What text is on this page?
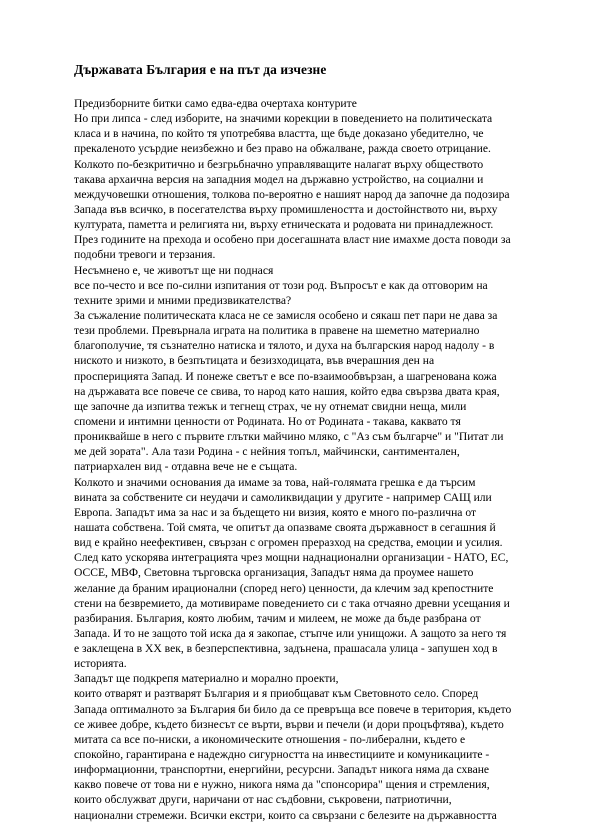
Държавата България е на път да изчезне
Предизборните битки само едва-едва очертаха контурите
Но при липса - след изборите, на значими корекции в поведението на политическата
класа и в начина, по който тя употребява властта, ще бъде доказано убедително, че
прекаленото усърдие неизбежно и без право на обжалване, ражда своето отрицание.
Колкото по-безкритично и безгрьбначно управляващите налагат върху обществото
такава архаична версия на западния модел на държавно устройство, на социални и
междучовешки отношения, толкова по-вероятно е нашият народ да започне да подозира
Запада във всичко, в посегателства върху промишлеността и достойнството ни, върху
културата, паметта и религията ни, върху етническата и родовата ни принадлежност.
През годините на прехода и особено при досегашната власт ние имахме доста поводи за
подобни тревоги и терзания.
Несъмнено е, че животът ще ни поднася
все по-често и все по-силни изпитания от този род. Въпросът е как да отговорим на
техните зрими и мними предизвикателства?
За съжаление политическата класа не се замисля особено и сякаш пет пари не дава за
тези проблеми. Превърнала играта на политика в правене на шеметно материално
благополучие, тя съзнателно натиска и тялото, и духа на българския народ надолу - в
ниското и низкото, в безпътицата и безизходицата, във вчерашния ден на
просперицията Запад. И понеже светът е все по-взаимообвързан, а шагренована кожа
на държавата все повече се свива, то народ като нашия, който едва свързва двата края,
ще започне да изпитва тежък и тегнещ страх, че ну отнемат свидни неща, мили
спомени и интимни ценности от Родината. Но от Родината - такава, каквато тя
прониквайше в него с първите глътки майчино мляко, с "Аз съм българче" и "Питат ли
ме дей зората". Ала тази Родина - с нейния топъл, майчински, сантиментален,
патриархален вид - отдавна вече не е същата.
Колкото и значими основания да имаме за това, най-голямата грешка е да търсим
вината за собствените си неудачи и самоликвидации у другите - например САЩ или
Европа. Западът има за нас и за бъдещето ни визия, която е много по-различна от
нашата собствена. Той смята, че опитът да опазваме своята държавност в сегашния й
вид е крайно неефективен, свързан с огромен преразход на средства, емоции и усилия.
След като ускорява интеграцията чрез мощни наднационални организации - НАТО, ЕС,
ОССЕ, МВФ, Световна търговска организация, Западът няма да проумее нашето
желание да браним ирационални (според него) ценности, да клечим зад крепостните
стени на безвремието, да мотивираме поведението си с така отчаяно древни усещания и
разбирания. България, която любим, тачим и милеем, не може да бъде разбрана от
Запада. И то не защото той иска да я закопае, стъпче или унищожи. А защото за него тя
е заклещена в XX век, в безперспективна, задънена, прашасала улица - запушен ход в
историята.
Западът ще подкрепя материално и морално проекти,
които отварят и разтварят България и я приобщават към Световното село. Според
Запада оптималното за България би било да се превръща все повече в територия, където
се живее добре, където бизнесът се върти, върви и печели (и дори процъфтява), където
митата са все по-ниски, а икономическите отношения - по-либерални, където е
спокойно, гарантирана е надеждно сигурността на инвестициите и комуникациите -
информационни, транспортни, енергийни, ресурсни. Западът никога няма да схване
какво повече от това ни е нужно, никога няма да "спонсорира" щения и стремления,
които обслужват други, наричани от нас съдбовни, съкровени, патриотични,
национални стремежи. Всички екстри, които са свързани с белезите на държавността
